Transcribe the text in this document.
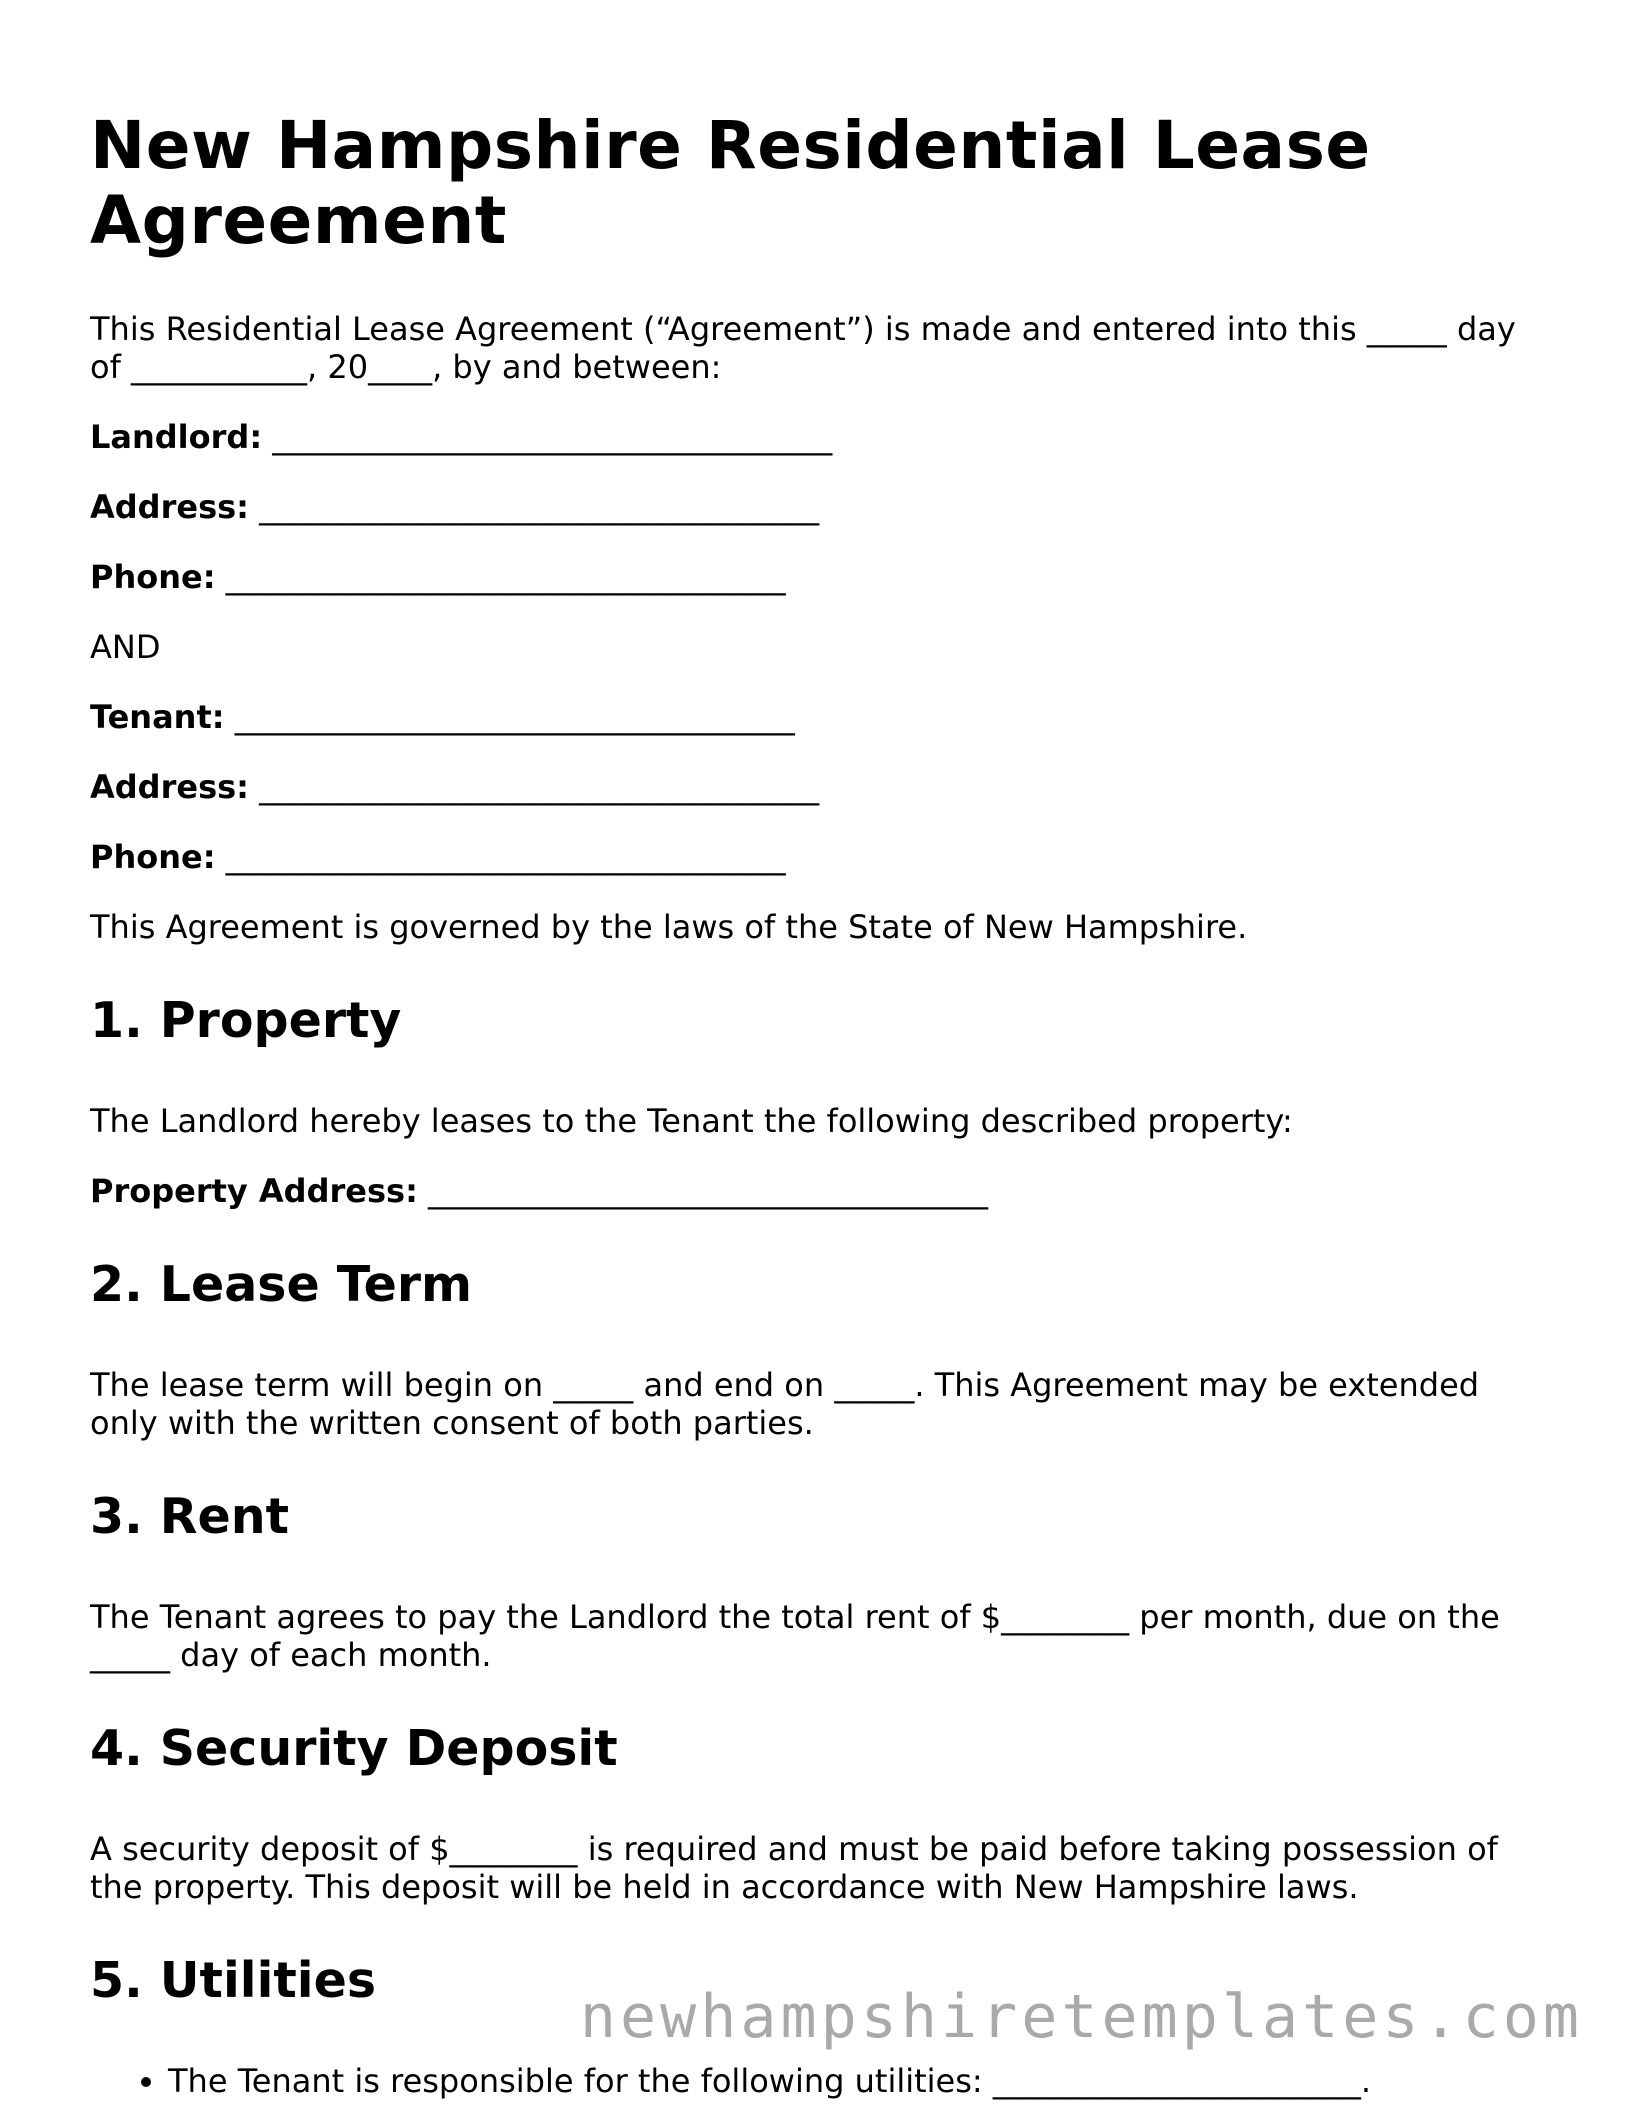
New Hampshire Residential Lease Agreement

This Residential Lease Agreement (“Agreement”) is made and entered into this _____ day of ___________, 20____, by and between:

Landlord: ___________________________________
Address: ___________________________________
Phone: ___________________________________

AND

Tenant: ___________________________________
Address: ___________________________________
Phone: ___________________________________

This Agreement is governed by the laws of the State of New Hampshire.

1. Property

The Landlord hereby leases to the Tenant the following described property:

Property Address: ___________________________________
2. Lease Term

The lease term will begin on _____ and end on _____. This Agreement may be extended only with the written consent of both parties.

3. Rent

The Tenant agrees to pay the Landlord the total rent of $________ per month, due on the _____ day of each month.

4. Security Deposit

A security deposit of $________ is required and must be paid before taking possession of the property. This deposit will be held in accordance with New Hampshire laws.

5. Utilities
• The Tenant is responsible for the following utilities: _______________________.
newhampshiretemplates.com
